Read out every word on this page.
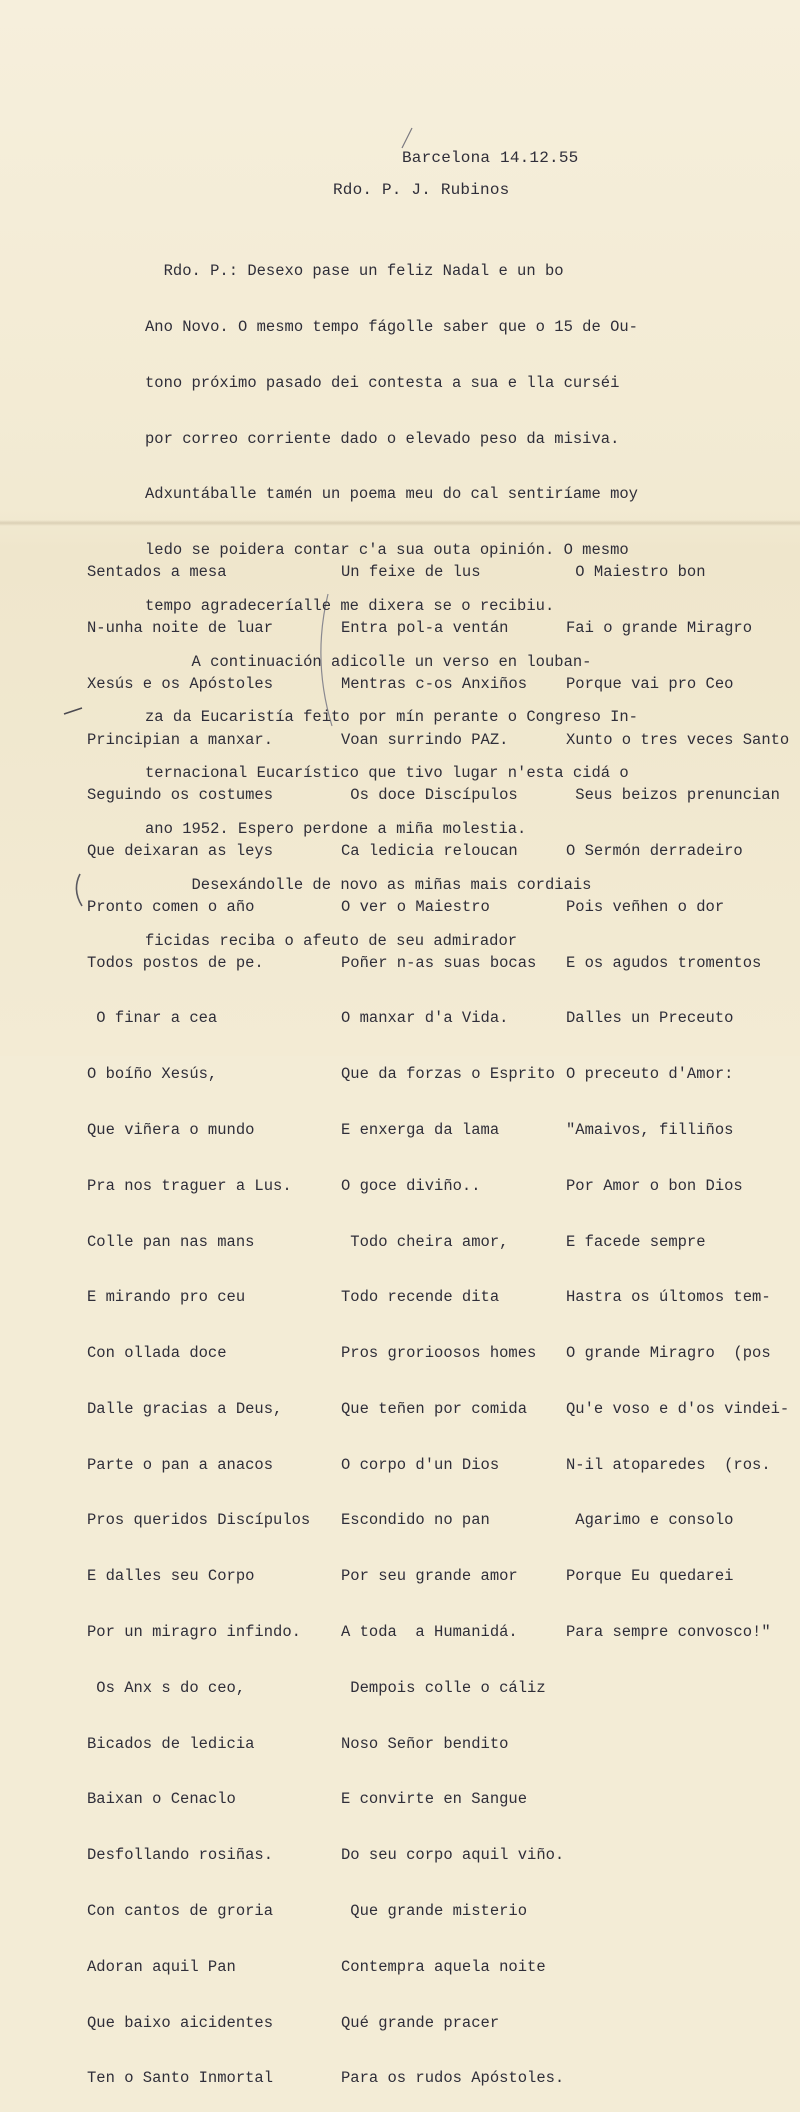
Barcelona 14.12.55
Rdo. P. J. Rubinos

Rdo. P.: Desexo pase un feliz Nadal e un bo

Ano Novo. O mesmo tempo fágolle saber que o 15 de Ou-

tono próximo pasado dei contesta a sua e lla curséi

por correo corriente dado o elevado peso da misiva.

Adxuntáballe tamén un poema meu do cal sentiríame moy

ledo se poidera contar c'a sua outa opinión. O mesmo

tempo agradeceríalle me dixera se o recibiu.

A continuación adicolle un verso en louban-

za da Eucaristía feito por mín perante o Congreso In-

ternacional Eucarístico que tivo lugar n'esta cidá o

ano 1952. Espero perdone a miña molestia.

Desexándolle de novo as miñas mais cordiais

ficidas reciba o afeuto de seu admirador

Sentados a mesa

N-unha noite de luar

Xesús e os Apóstoles

Principian a manxar.

Seguindo os costumes

Que deixaran as leys

Pronto comen o año

Todos postos de pe.

O finar a cea

O boíño Xesús,

Que viñera o mundo

Pra nos traguer a Lus.

Colle pan nas mans

E mirando pro ceu

Con ollada doce

Dalle gracias a Deus,

Parte o pan a anacos

Pros queridos Discípulos

E dalles seu Corpo

Por un miragro infindo.

Os Anx s do ceo,

Bicados de ledicia

Baixan o Cenaclo

Desfollando rosiñas.

Con cantos de groria

Adoran aquil Pan

Que baixo aicidentes

Ten o Santo Inmortal

Un feixe de lus

Entra pol-a ventán

Mentras c-os Anxiños

Voan surrindo PAZ.

Os doce Discípulos

Ca ledicia reloucan

O ver o Maiestro

Poñer n-as suas bocas

O manxar d'a Vida.

Que da forzas o Esprito

E enxerga da lama

O goce diviño..

Todo cheira amor,

Todo recende dita

Pros grorioosos homes

Que teñen por comida

O corpo d'un Dios

Escondido no pan

Por seu grande amor

A toda  a Humanidá.

Dempois colle o cáliz

Noso Señor bendito

E convirte en Sangue

Do seu corpo aquil viño.

Que grande misterio

Contempra aquela noite

Qué grande pracer

Para os rudos Apóstoles.

O Maiestro bon

Fai o grande Miragro

Porque vai pro Ceo

Xunto o tres veces Santo

Seus beizos prenuncian

O Sermón derradeiro

Pois veñhen o dor

E os agudos tromentos

Dalles un Preceuto

O preceuto d'Amor:

"Amaivos, filliños

Por Amor o bon Dios

E facede sempre

Hastra os últomos tem-

O grande Miragro  (pos

Qu'e voso e d'os vindei-

N-il atoparedes  (ros.

Agarimo e consolo

Porque Eu quedarei

Para sempre convosco!"
